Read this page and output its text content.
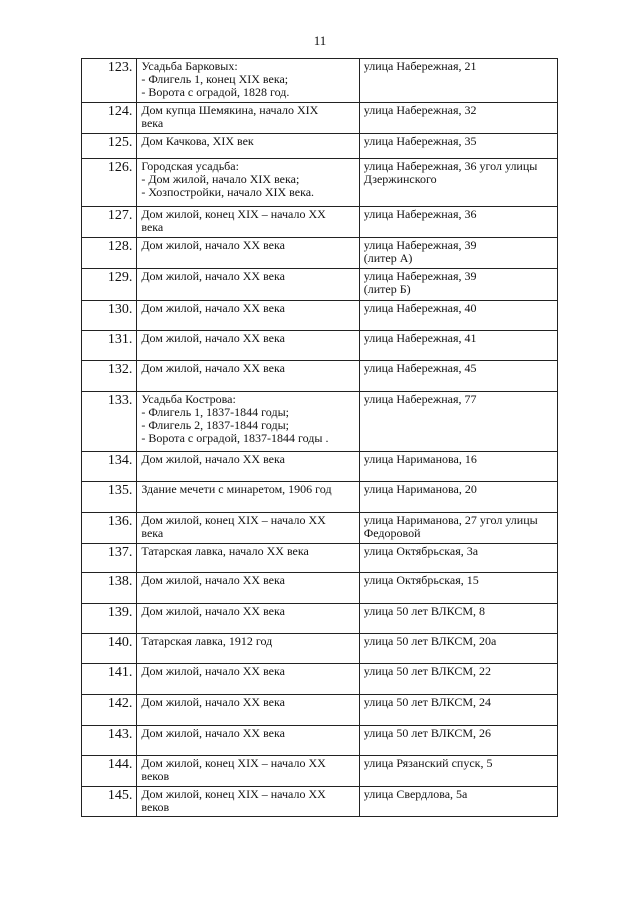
11
123.	Усадьба Барковых:
- Флигель 1, конец XIX века;
- Ворота с оградой, 1828 год.	улица Набережная, 21

124.	Дом купца Шемякина, начало XIX
века	улица Набережная, 32

125.	Дом Качкова, XIX век	улица Набережная, 35

126.	Городская усадьба:
- Дом жилой, начало XIX века;
- Хозпостройки, начало XIX века.	улица Набережная, 36 угол улицы
Дзержинского

127.	Дом жилой, конец XIX – начало XX
века	улица Набережная, 36

128.	Дом жилой, начало XX века	улица Набережная, 39
(литер А)

129.	Дом жилой, начало XX века	улица Набережная, 39
(литер Б)

130.	Дом жилой, начало XX века	улица Набережная, 40

131.	Дом жилой, начало XX века	улица Набережная, 41

132.	Дом жилой, начало XX века	улица Набережная, 45

133.	Усадьба Кострова:
- Флигель 1, 1837-1844 годы;
- Флигель 2, 1837-1844 годы;
- Ворота с оградой, 1837-1844 годы .	улица Набережная, 77

134.	Дом жилой, начало XX века	улица Нариманова, 16

135.	Здание мечети с минаретом, 1906 год	улица Нариманова, 20

136.	Дом жилой, конец XIX – начало XX
века	улица Нариманова, 27 угол улицы
Федоровой

137.	Татарская лавка, начало XX века	улица Октябрьская, 3а

138.	Дом жилой, начало XX века	улица Октябрьская, 15

139.	Дом жилой, начало XX века	улица 50 лет ВЛКСМ, 8

140.	Татарская лавка, 1912 год	улица 50 лет ВЛКСМ, 20а

141.	Дом жилой, начало XX века	улица 50 лет ВЛКСМ, 22

142.	Дом жилой, начало XX века	улица 50 лет ВЛКСМ, 24

143.	Дом жилой, начало XX века	улица 50 лет ВЛКСМ, 26

144.	Дом жилой, конец XIX – начало XX
веков	улица Рязанский спуск, 5

145.	Дом жилой, конец XIX – начало XX
веков	улица Свердлова, 5а
